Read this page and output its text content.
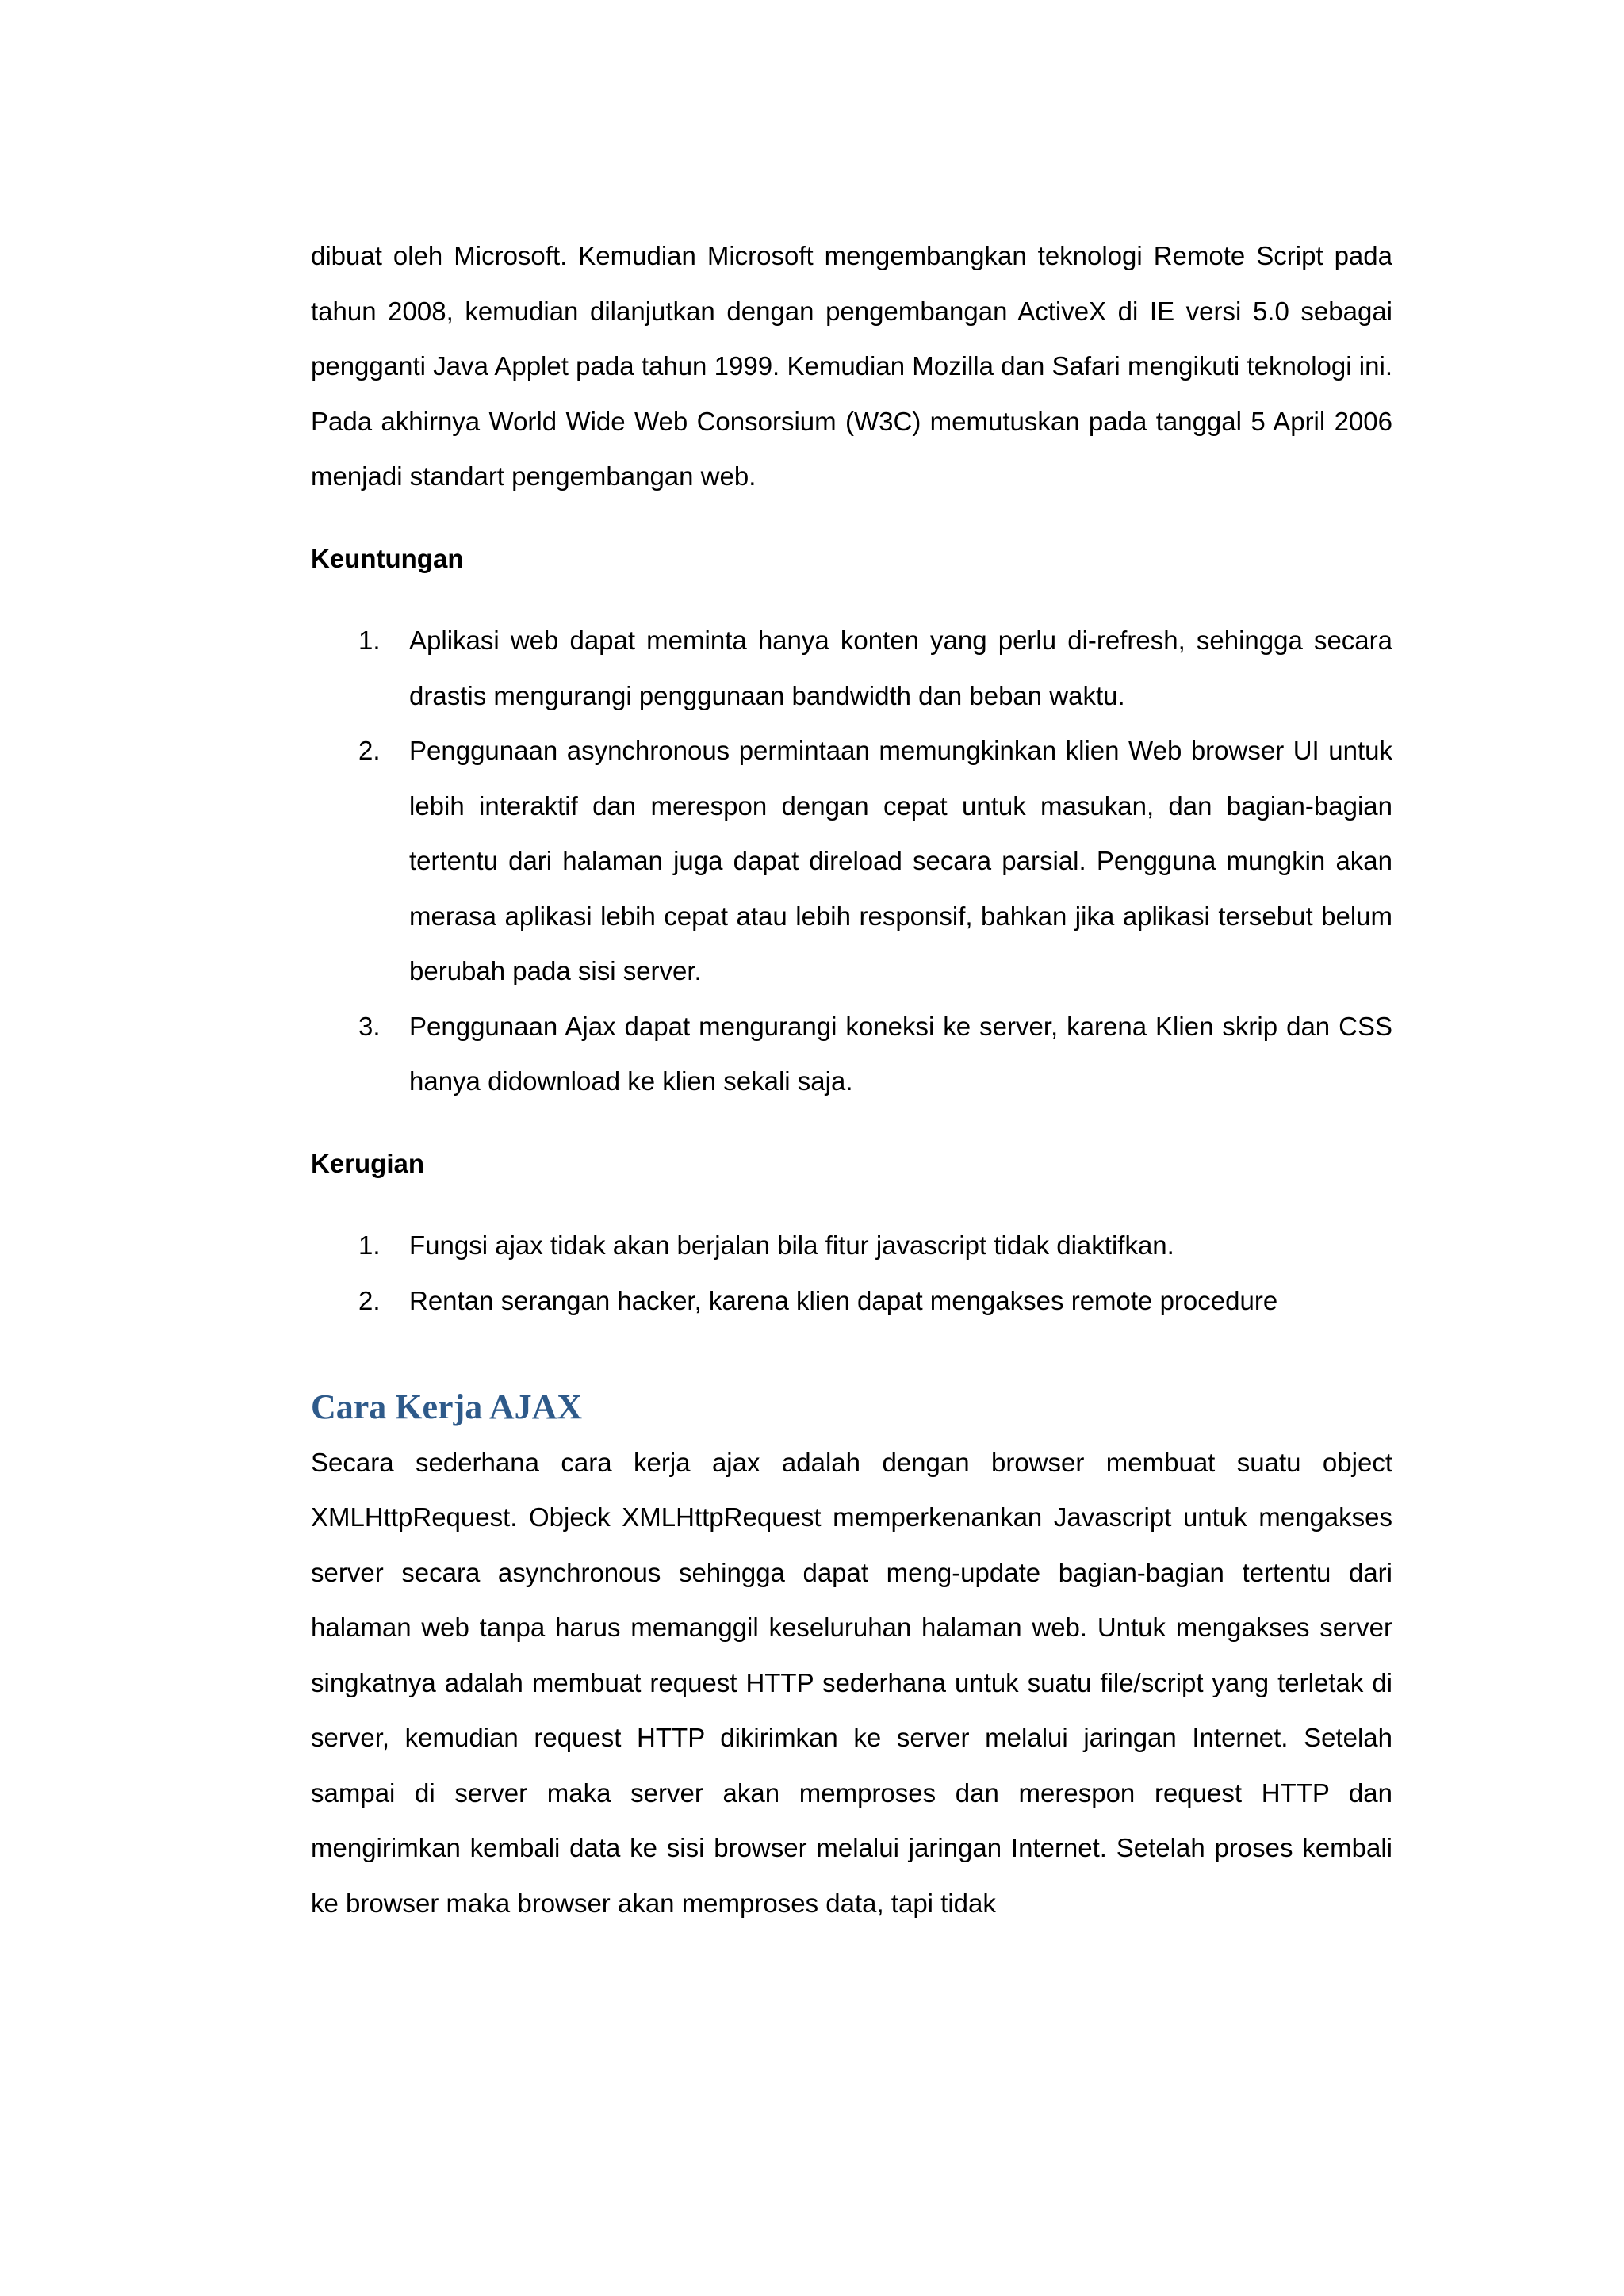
dibuat oleh Microsoft. Kemudian Microsoft mengembangkan teknologi Remote Script pada tahun 2008, kemudian dilanjutkan dengan pengembangan ActiveX di IE versi 5.0 sebagai pengganti Java Applet pada tahun 1999. Kemudian Mozilla dan Safari mengikuti teknologi ini. Pada akhirnya World Wide Web Consorsium (W3C) memutuskan pada tanggal 5 April 2006 menjadi standart pengembangan web.

Keuntungan

1. Aplikasi web dapat meminta hanya konten yang perlu di-refresh, sehingga secara drastis mengurangi penggunaan bandwidth dan beban waktu.
2. Penggunaan asynchronous permintaan memungkinkan klien Web browser UI untuk lebih interaktif dan merespon dengan cepat untuk masukan, dan bagian-bagian tertentu dari halaman juga dapat direload secara parsial. Pengguna mungkin akan merasa aplikasi lebih cepat atau lebih responsif, bahkan jika aplikasi tersebut belum berubah pada sisi server.
3. Penggunaan Ajax dapat mengurangi koneksi ke server, karena Klien skrip dan CSS hanya didownload ke klien sekali saja.

Kerugian

1. Fungsi ajax tidak akan berjalan bila fitur javascript tidak diaktifkan.
2. Rentan serangan hacker, karena klien dapat mengakses remote procedure
Cara Kerja AJAX

Secara sederhana cara kerja ajax adalah dengan browser membuat suatu object XMLHttpRequest. Objeck XMLHttpRequest memperkenankan Javascript untuk mengakses server secara asynchronous sehingga dapat meng-update bagian-bagian tertentu dari halaman web tanpa harus memanggil keseluruhan halaman web. Untuk mengakses server singkatnya adalah membuat request HTTP sederhana untuk suatu file/script yang terletak di server, kemudian request HTTP dikirimkan ke server melalui jaringan Internet. Setelah sampai di server maka server akan memproses dan merespon request HTTP dan mengirimkan kembali data ke sisi browser melalui jaringan Internet. Setelah proses kembali ke browser maka browser akan memproses data, tapi tidak
